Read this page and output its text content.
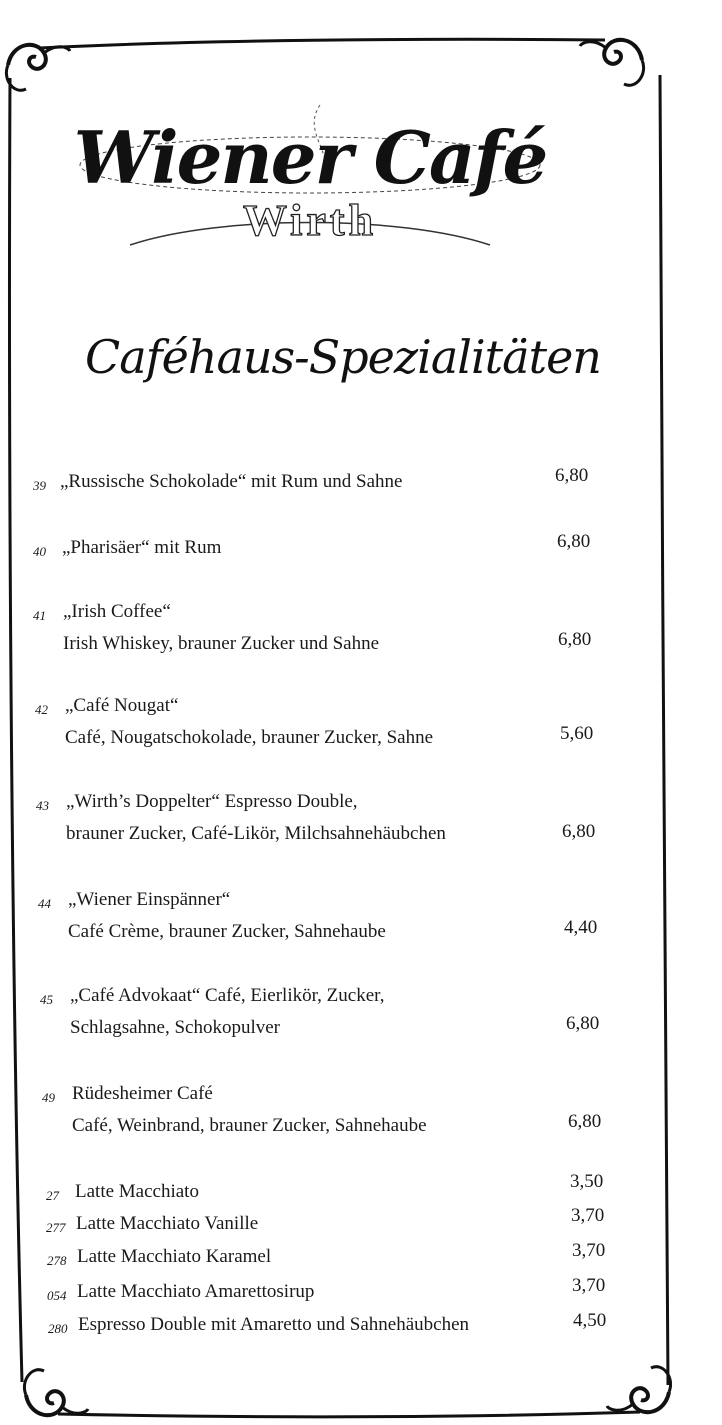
Wiener Café
Wirth
Caféhaus-Spezialitäten
39 „Russische Schokolade“ mit Rum und Sahne	6,80
40 „Pharisäer“ mit Rum	6,80
41 „Irish Coffee“
Irish Whiskey, brauner Zucker und Sahne	6,80
42 „Café Nougat“
Café, Nougatschokolade, brauner Zucker, Sahne	5,60
43 „Wirth’s Doppelter“ Espresso Double,
brauner Zucker, Café-Likör, Milchsahnehäubchen	6,80
44 „Wiener Einspänner“
Café Crème, brauner Zucker, Sahnehaube	4,40
45 „Café Advokaat“ Café, Eierlikör, Zucker,
Schlagsahne, Schokopulver	6,80
49 Rüdesheimer Café
Café, Weinbrand, brauner Zucker, Sahnehaube	6,80
27 Latte Macchiato	3,50
277 Latte Macchiato Vanille	3,70
278 Latte Macchiato Karamel	3,70
054 Latte Macchiato Amarettosirup	3,70
280 Espresso Double mit Amaretto und Sahnehäubchen	4,50
